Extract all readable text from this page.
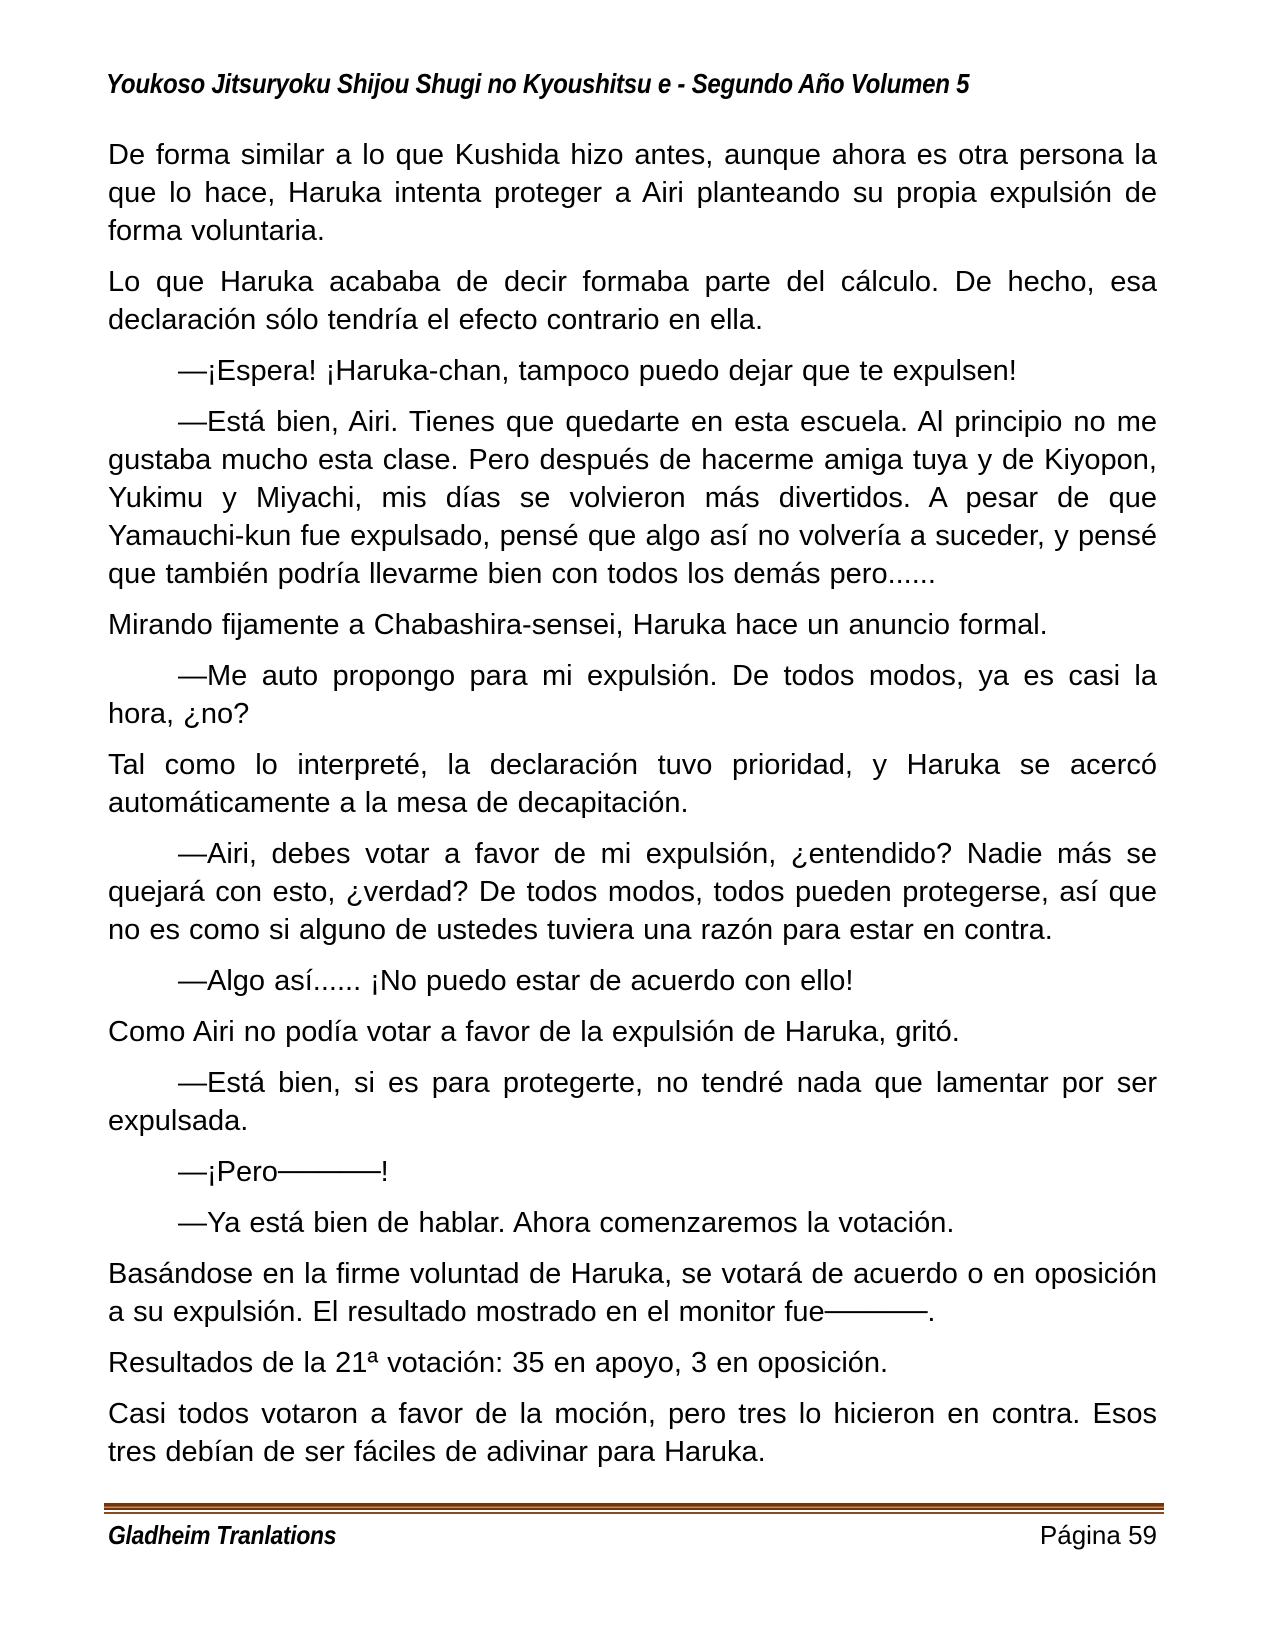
Youkoso Jitsuryoku Shijou Shugi no Kyoushitsu e - Segundo Año Volumen 5

De forma similar a lo que Kushida hizo antes, aunque ahora es otra persona la que lo hace, Haruka intenta proteger a Airi planteando su propia expulsión de forma voluntaria.

Lo que Haruka acababa de decir formaba parte del cálculo. De hecho, esa declaración sólo tendría el efecto contrario en ella.

—¡Espera! ¡Haruka-chan, tampoco puedo dejar que te expulsen!

—Está bien, Airi. Tienes que quedarte en esta escuela. Al principio no me gustaba mucho esta clase. Pero después de hacerme amiga tuya y de Kiyopon, Yukimu y Miyachi, mis días se volvieron más divertidos. A pesar de que Yamauchi-kun fue expulsado, pensé que algo así no volvería a suceder, y pensé que también podría llevarme bien con todos los demás pero......

Mirando fijamente a Chabashira-sensei, Haruka hace un anuncio formal.

—Me auto propongo para mi expulsión. De todos modos, ya es casi la hora, ¿no?

Tal como lo interpreté, la declaración tuvo prioridad, y Haruka se acercó automáticamente a la mesa de decapitación.

—Airi, debes votar a favor de mi expulsión, ¿entendido? Nadie más se quejará con esto, ¿verdad? De todos modos, todos pueden protegerse, así que no es como si alguno de ustedes tuviera una razón para estar en contra.

—Algo así...... ¡No puedo estar de acuerdo con ello!

Como Airi no podía votar a favor de la expulsión de Haruka, gritó.

—Está bien, si es para protegerte, no tendré nada que lamentar por ser expulsada.

—¡Pero─────!

—Ya está bien de hablar. Ahora comenzaremos la votación.

Basándose en la firme voluntad de Haruka, se votará de acuerdo o en oposición a su expulsión. El resultado mostrado en el monitor fue─────.

Resultados de la 21ª votación: 35 en apoyo, 3 en oposición.

Casi todos votaron a favor de la moción, pero tres lo hicieron en contra. Esos tres debían de ser fáciles de adivinar para Haruka.

Gladheim Tranlations	Página 59
